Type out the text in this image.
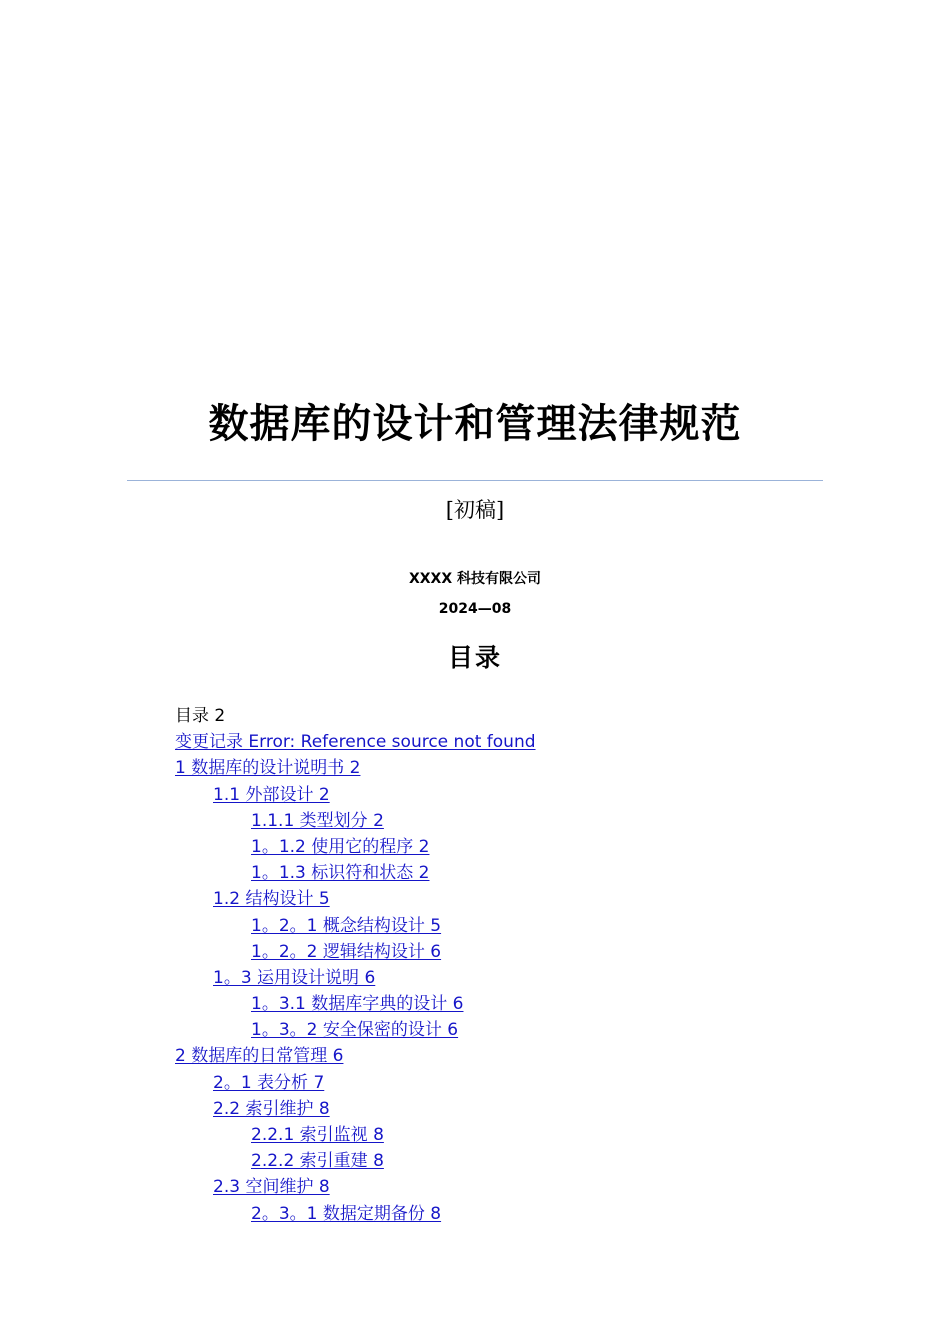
数据库的设计和管理法律规范
[初稿]
XXXX 科技有限公司
2024—08
目录
目录 2
变更记录 Error: Reference source not found
1 数据库的设计说明书 2
1.1 外部设计 2
1.1.1 类型划分 2
1。1.2 使用它的程序 2
1。1.3 标识符和状态 2
1.2 结构设计 5
1。2。1 概念结构设计 5
1。2。2 逻辑结构设计 6
1。3 运用设计说明 6
1。3.1 数据库字典的设计 6
1。3。2 安全保密的设计 6
2 数据库的日常管理 6
2。1 表分析 7
2.2 索引维护 8
2.2.1 索引监视 8
2.2.2 索引重建 8
2.3 空间维护 8
2。3。1 数据定期备份 8
